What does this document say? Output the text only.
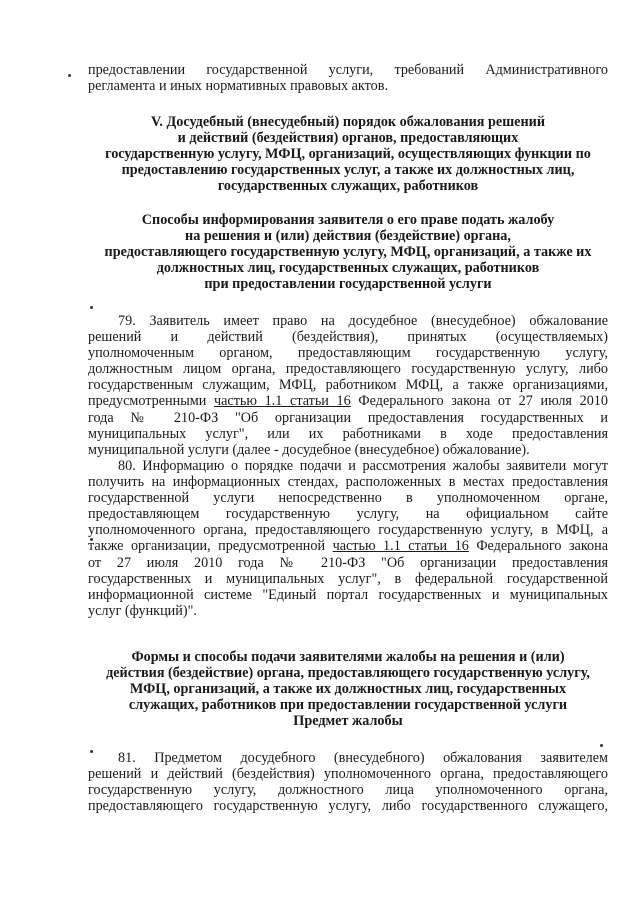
предоставлении государственной услуги, требований Административного
регламента и иных нормативных правовых актов.
V. Досудебный (внесудебный) порядок обжалования решений
и действий (бездействия) органов, предоставляющих
государственную услугу, МФЦ, организаций, осуществляющих функции по
предоставлению государственных услуг, а также их должностных лиц,
государственных служащих, работников
Способы информирования заявителя о его праве подать жалобу
на решения и (или) действия (бездействие) органа,
предоставляющего государственную услугу, МФЦ, организаций, а также их
должностных лиц, государственных служащих, работников
при предоставлении государственной услуги
79. Заявитель имеет право на досудебное (внесудебное) обжалование
решений и действий (бездействия), принятых (осуществляемых)
уполномоченным органом, предоставляющим государственную услугу,
должностным лицом органа, предоставляющего государственную услугу, либо
государственным служащим, МФЦ, работником МФЦ, а также организациями,
предусмотренными частью 1.1 статьи 16 Федерального закона от 27 июля 2010
года № 210-ФЗ "Об организации предоставления государственных и
муниципальных услуг", или их работниками в ходе предоставления
муниципальной услуги (далее - досудебное (внесудебное) обжалование).
80. Информацию о порядке подачи и рассмотрения жалобы заявители могут
получить на информационных стендах, расположенных в местах предоставления
государственной услуги непосредственно в уполномоченном органе,
предоставляющем государственную услугу, на официальном сайте
уполномоченного органа, предоставляющего государственную услугу, в МФЦ, а
также организации, предусмотренной частью 1.1 статьи 16 Федерального закона
от 27 июля 2010 года № 210-ФЗ "Об организации предоставления
государственных и муниципальных услуг", в федеральной государственной
информационной системе "Единый портал государственных и муниципальных
услуг (функций)".
Формы и способы подачи заявителями жалобы на решения и (или)
действия (бездействие) органа, предоставляющего государственную услугу,
МФЦ, организаций, а также их должностных лиц, государственных
служащих, работников при предоставлении государственной услуги
Предмет жалобы
81. Предметом досудебного (внесудебного) обжалования заявителем
решений и действий (бездействия) уполномоченного органа, предоставляющего
государственную услугу, должностного лица уполномоченного органа,
предоставляющего государственную услугу, либо государственного служащего,
